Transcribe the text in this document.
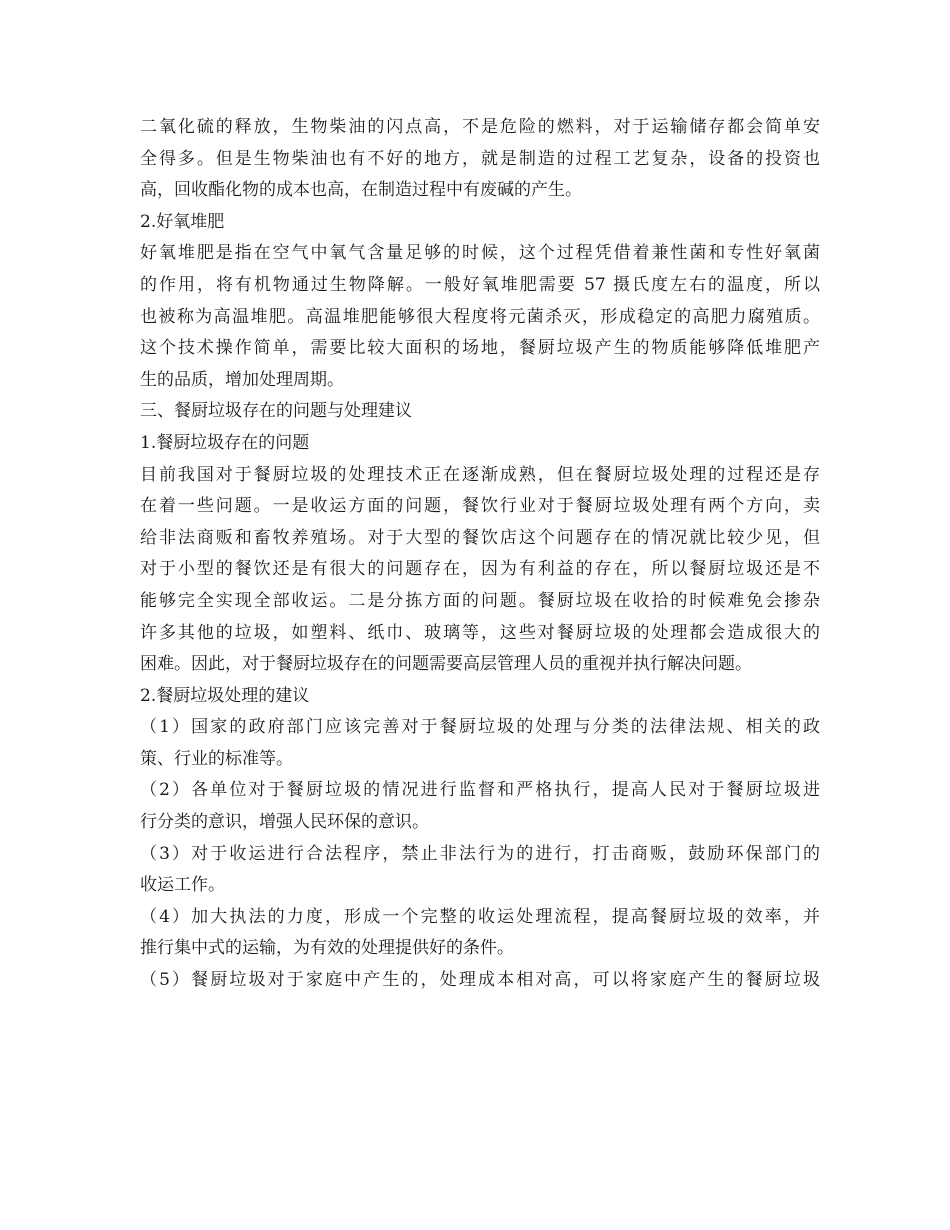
二氧化硫的释放，生物柴油的闪点高，不是危险的燃料，对于运输储存都会简单安
全得多。但是生物柴油也有不好的地方，就是制造的过程工艺复杂，设备的投资也
高，回收酯化物的成本也高，在制造过程中有废碱的产生。
2.好氧堆肥
好氧堆肥是指在空气中氧气含量足够的时候，这个过程凭借着兼性菌和专性好氧菌
的作用，将有机物通过生物降解。一般好氧堆肥需要 57 摄氏度左右的温度，所以
也被称为高温堆肥。高温堆肥能够很大程度将元菌杀灭，形成稳定的高肥力腐殖质。
这个技术操作简单，需要比较大面积的场地，餐厨垃圾产生的物质能够降低堆肥产
生的品质，增加处理周期。
三、餐厨垃圾存在的问题与处理建议
1.餐厨垃圾存在的问题
目前我国对于餐厨垃圾的处理技术正在逐渐成熟，但在餐厨垃圾处理的过程还是存
在着一些问题。一是收运方面的问题，餐饮行业对于餐厨垃圾处理有两个方向，卖
给非法商贩和畜牧养殖场。对于大型的餐饮店这个问题存在的情况就比较少见，但
对于小型的餐饮还是有很大的问题存在，因为有利益的存在，所以餐厨垃圾还是不
能够完全实现全部收运。二是分拣方面的问题。餐厨垃圾在收拾的时候难免会掺杂
许多其他的垃圾，如塑料、纸巾、玻璃等，这些对餐厨垃圾的处理都会造成很大的
困难。因此，对于餐厨垃圾存在的问题需要高层管理人员的重视并执行解决问题。
2.餐厨垃圾处理的建议
（1）国家的政府部门应该完善对于餐厨垃圾的处理与分类的法律法规、相关的政
策、行业的标准等。
（2）各单位对于餐厨垃圾的情况进行监督和严格执行，提高人民对于餐厨垃圾进
行分类的意识，增强人民环保的意识。
（3）对于收运进行合法程序，禁止非法行为的进行，打击商贩，鼓励环保部门的
收运工作。
（4）加大执法的力度，形成一个完整的收运处理流程，提高餐厨垃圾的效率，并
推行集中式的运输，为有效的处理提供好的条件。
（5）餐厨垃圾对于家庭中产生的，处理成本相对高，可以将家庭产生的餐厨垃圾
